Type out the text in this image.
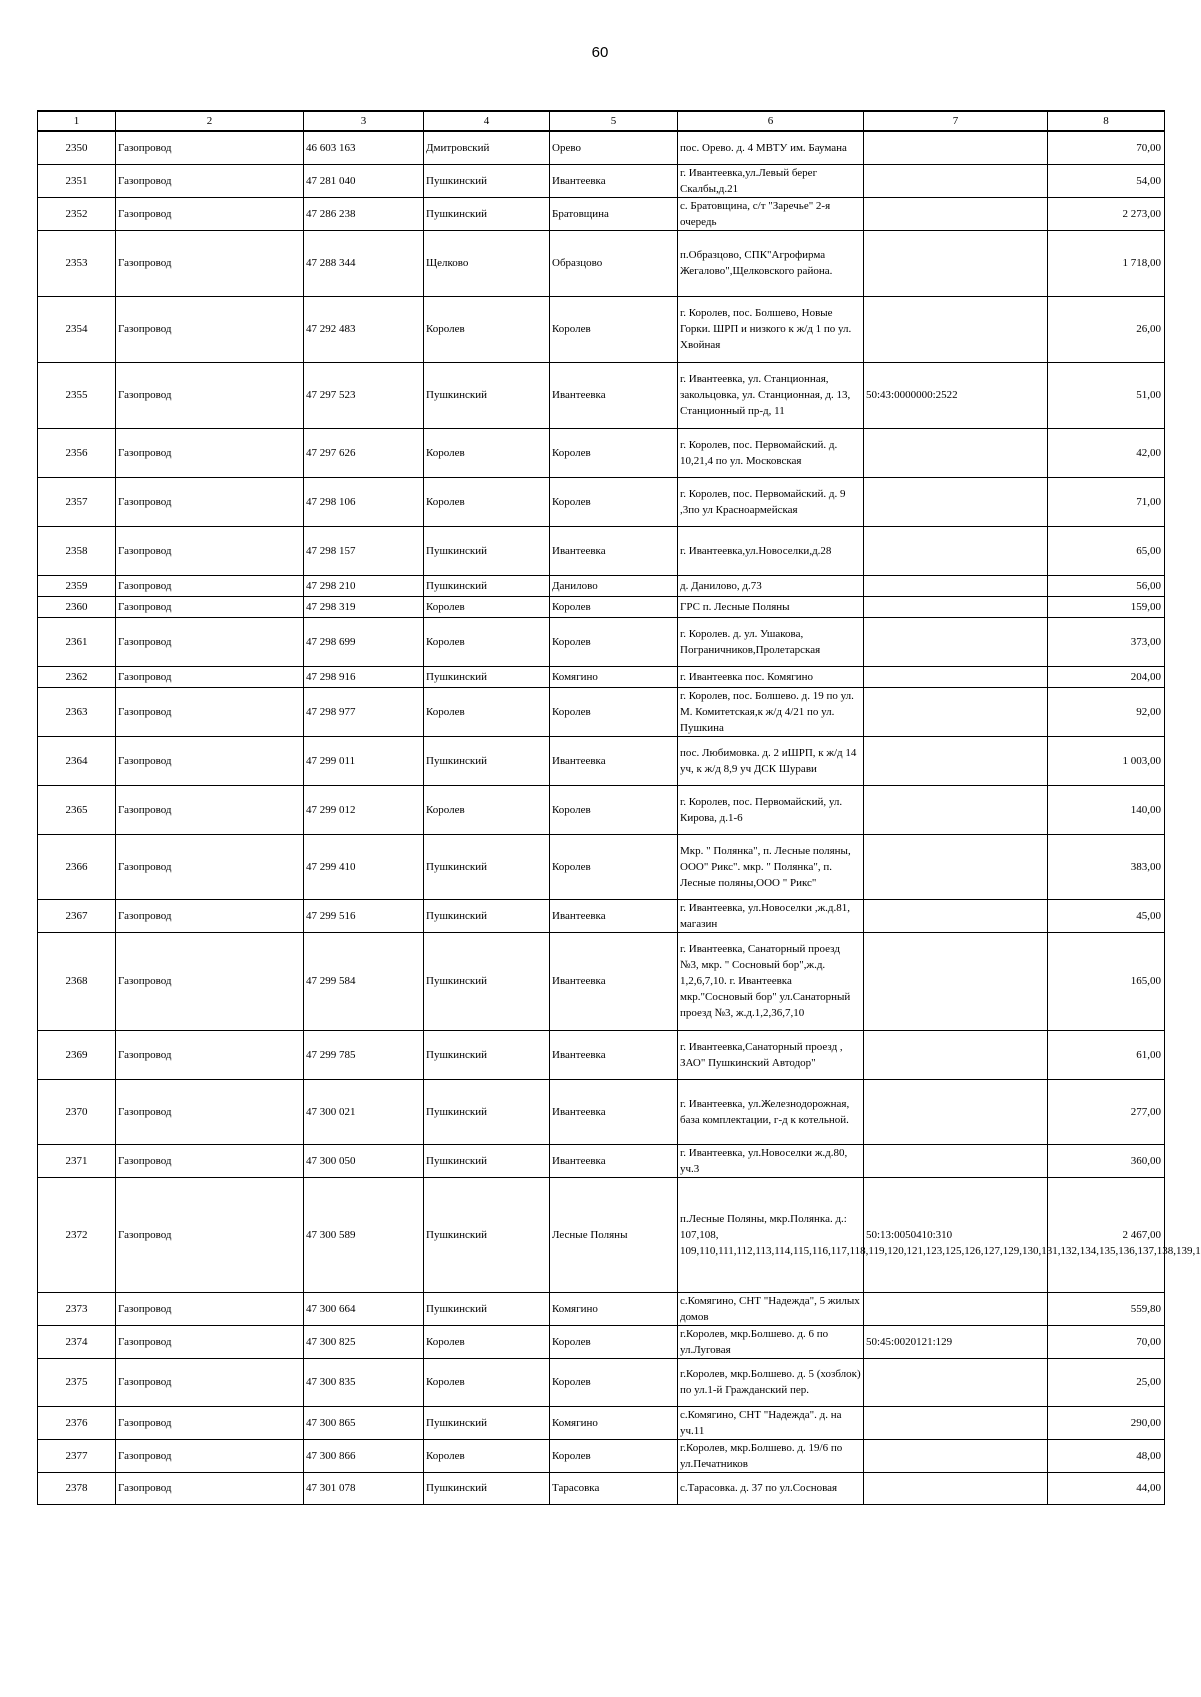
60
1	2	3	4	5	6	7	8
2350	Газопровод	46 603 163	Дмитровский	Орево	пос. Орево. д. 4 МВТУ им. Баумана		70,00
2351	Газопровод	47 281 040	Пушкинский	Ивантеевка	г. Ивантеевка,ул.Левый берег Скалбы,д.21		54,00
2352	Газопровод	47 286 238	Пушкинский	Братовщина	с. Братовщина, с/т "Заречье" 2-я очередь		2 273,00
2353	Газопровод	47 288 344	Щелково	Образцово	п.Образцово, СПК"Агрофирма Жегалово",Щелковского района.		1 718,00
2354	Газопровод	47 292 483	Королев	Королев	г. Королев, пос. Болшево, Новые Горки. ШРП и низкого к ж/д 1 по ул. Хвойная		26,00
2355	Газопровод	47 297 523	Пушкинский	Ивантеевка	г. Ивантеевка, ул. Станционная, закольцовка, ул. Станционная, д. 13, Станционный пр-д, 11	50:43:0000000:2522	51,00
2356	Газопровод	47 297 626	Королев	Королев	г. Королев, пос. Первомайский. д. 10,21,4 по ул. Московская		42,00
2357	Газопровод	47 298 106	Королев	Королев	г. Королев, пос. Первомайский. д. 9 ,3по ул Красноармейская		71,00
2358	Газопровод	47 298 157	Пушкинский	Ивантеевка	г. Ивантеевка,ул.Новоселки,д.28		65,00
2359	Газопровод	47 298 210	Пушкинский	Данилово	д. Данилово, д.73		56,00
2360	Газопровод	47 298 319	Королев	Королев	ГРС п. Лесные Поляны		159,00
2361	Газопровод	47 298 699	Королев	Королев	г. Королев. д. ул. Ушакова, Пограничников,Пролетарская		373,00
2362	Газопровод	47 298 916	Пушкинский	Комягино	г. Ивантеевка пос. Комягино		204,00
2363	Газопровод	47 298 977	Королев	Королев	г. Королев, пос. Болшево. д. 19 по ул. М. Комитетская,к ж/д 4/21 по ул. Пушкина		92,00
2364	Газопровод	47 299 011	Пушкинский	Ивантеевка	пос. Любимовка. д. 2 иШРП, к ж/д 14 уч, к ж/д 8,9 уч ДСК Шурави		1 003,00
2365	Газопровод	47 299 012	Королев	Королев	г. Королев, пос. Первомайский, ул. Кирова, д.1-6		140,00
2366	Газопровод	47 299 410	Пушкинский	Королев	Мкр. " Полянка", п. Лесные поляны, ООО" Рикс". мкр. " Полянка", п. Лесные поляны,ООО " Рикс"		383,00
2367	Газопровод	47 299 516	Пушкинский	Ивантеевка	г. Ивантеевка, ул.Новоселки ,ж.д.81, магазин		45,00
2368	Газопровод	47 299 584	Пушкинский	Ивантеевка	г. Ивантеевка, Санаторный проезд №3, мкр. " Сосновый бор",ж.д. 1,2,6,7,10. г. Ивантеевка мкр."Сосновый бор" ул.Санаторный проезд №3, ж.д.1,2,36,7,10		165,00
2369	Газопровод	47 299 785	Пушкинский	Ивантеевка	г. Ивантеевка,Санаторный проезд , ЗАО" Пушкинский Автодор"		61,00
2370	Газопровод	47 300 021	Пушкинский	Ивантеевка	г. Ивантеевка, ул.Железнодорожная, база комплектации, г-д к котельной.		277,00
2371	Газопровод	47 300 050	Пушкинский	Ивантеевка	г. Ивантеевка, ул.Новоселки ж.д.80, уч.3		360,00
2372	Газопровод	47 300 589	Пушкинский	Лесные Поляны	п.Лесные Поляны, мкр.Полянка. д.: 107,108, 109,110,111,112,113,114,115,116,117,118,119,120,121,123,125,126,127,129,130,131,132,134,135,136,137,138,139,1	50:13:0050410:310	2 467,00
2373	Газопровод	47 300 664	Пушкинский	Комягино	с.Комягино, СНТ "Надежда", 5 жилых домов		559,80
2374	Газопровод	47 300 825	Королев	Королев	г.Королев, мкр.Болшево. д. 6 по ул.Луговая	50:45:0020121:129	70,00
2375	Газопровод	47 300 835	Королев	Королев	г.Королев, мкр.Болшево. д. 5 (хозблок) по ул.1-й Гражданский пер.		25,00
2376	Газопровод	47 300 865	Пушкинский	Комягино	с.Комягино, СНТ "Надежда". д. на уч.11		290,00
2377	Газопровод	47 300 866	Королев	Королев	г.Королев, мкр.Болшево. д. 19/6 по ул.Печатников		48,00
2378	Газопровод	47 301 078	Пушкинский	Тарасовка	с.Тарасовка. д. 37 по ул.Сосновая		44,00
